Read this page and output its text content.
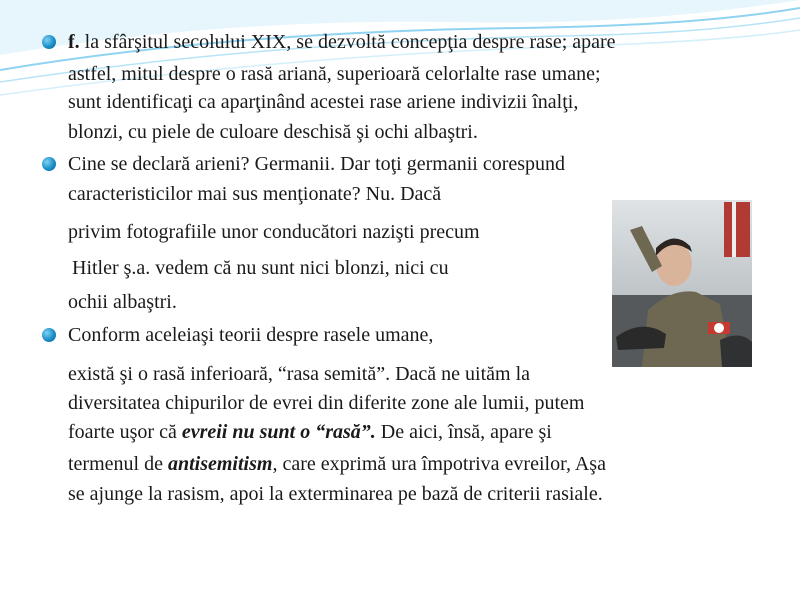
f. la sfârşitul secolului XIX, se dezvoltă concepţia despre rase; apare
astfel, mitul despre o rasă ariană, superioară celorlalte rase umane;
sunt identificaţi ca aparţinând acestei rase ariene indivizii înalţi,
blonzi, cu piele de culoare deschisă şi ochi albaştri.
Cine se declară arieni? Germanii. Dar toţi germanii corespund
caracteristicilor mai sus menţionate? Nu. Dacă
privim fotografiile unor conducători nazişti precum
Hitler ş.a. vedem că nu sunt nici blonzi, nici cu
ochii albaştri.
Conform aceleiaşi teorii despre rasele umane,
există şi o rasă inferioară, “rasa semită”. Dacă ne uităm la
diversitatea chipurilor de evrei din diferite zone ale lumii, putem
foarte uşor că evreii nu sunt o “rasă”. De aici, însă, apare şi
termenul de antisemitism, care exprimă ura împotriva evreilor, Aşa
se ajunge la rasism, apoi la exterminarea pe bază de criterii rasiale.
